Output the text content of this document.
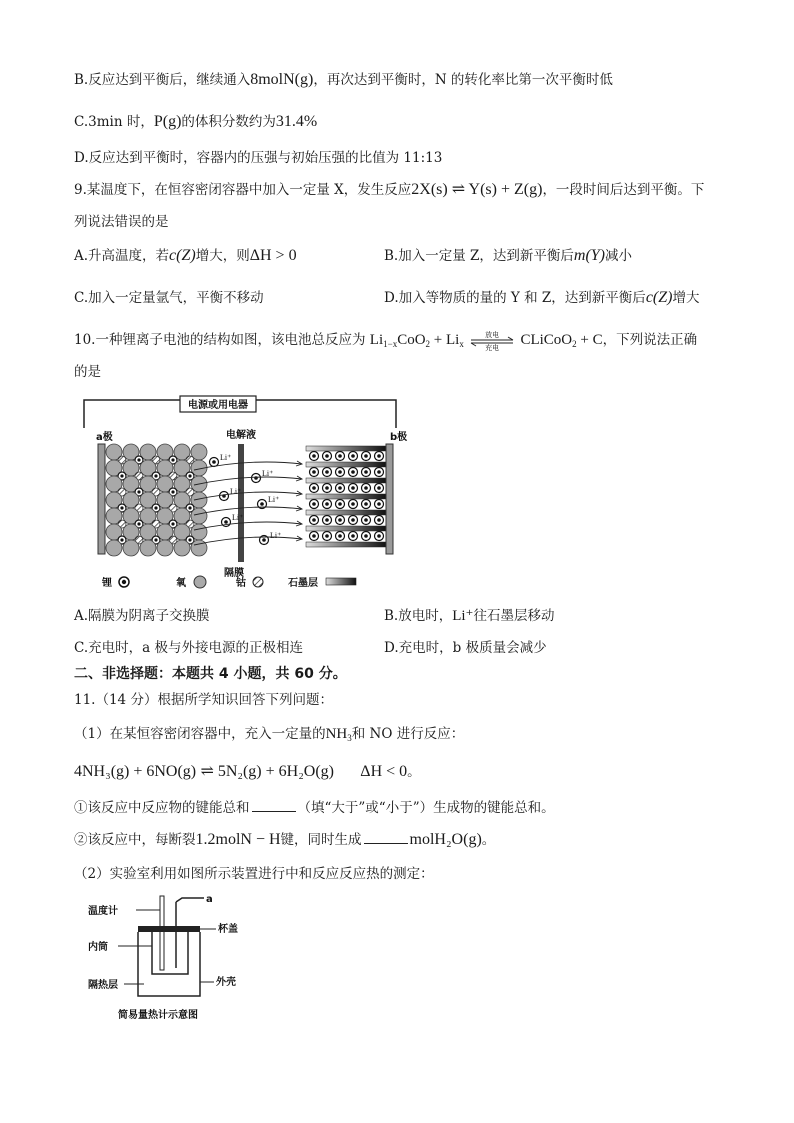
B.反应达到平衡后，继续通入8molN(g)，再次达到平衡时，N 的转化率比第一次平衡时低
C.3min 时，P(g)的体积分数约为31.4%
D.反应达到平衡时，容器内的压强与初始压强的比值为 11:13
9.某温度下，在恒容密闭容器中加入一定量 X，发生反应2X(s) ⇌ Y(s) + Z(g)，一段时间后达到平衡。下
列说法错误的是
A.升高温度，若c(Z)增大，则ΔH > 0	B.加入一定量 Z，达到新平衡后m(Y)减小
C.加入一定量氩气，平衡不移动	D.加入等物质的量的 Y 和 Z，达到新平衡后c(Z)增大
10.一种锂离子电池的结构如图，该电池总反应为 $Li_{1-x}CoO_2 + Li_x$
放电
充电	CLiCoO$_2$ + C，下列说法正确
的是
电源或用电器
a极	b极
电解液
隔膜
Li⁺
Li⁺
Li⁺
Li⁺
Li⁺
Li⁺
锂	氧	钴	石墨层
A.隔膜为阴离子交换膜	B.放电时，Li⁺往石墨层移动
C.充电时，a 极与外接电源的正极相连	D.充电时，b 极质量会减少
二、非选择题：本题共 4 小题，共 60 分。
11.（14 分）根据所学知识回答下列问题：
（1）在某恒容密闭容器中，充入一定量的$NH_3$和 NO 进行反应：
4NH₃(g) + 6NO(g) ⇌ 5N₂(g) + 6H₂O(g) ΔH < 0。
①该反应中反应物的键能总和	（填“大于”或“小于”）生成物的键能总和。
②该反应中，每断裂1.2molN − H键，同时生成	molH₂O(g)。
（2）实验室利用如图所示装置进行中和反应反应热的测定：
温度计
a
杯盖
内筒
隔热层	外壳
简易量热计示意图
